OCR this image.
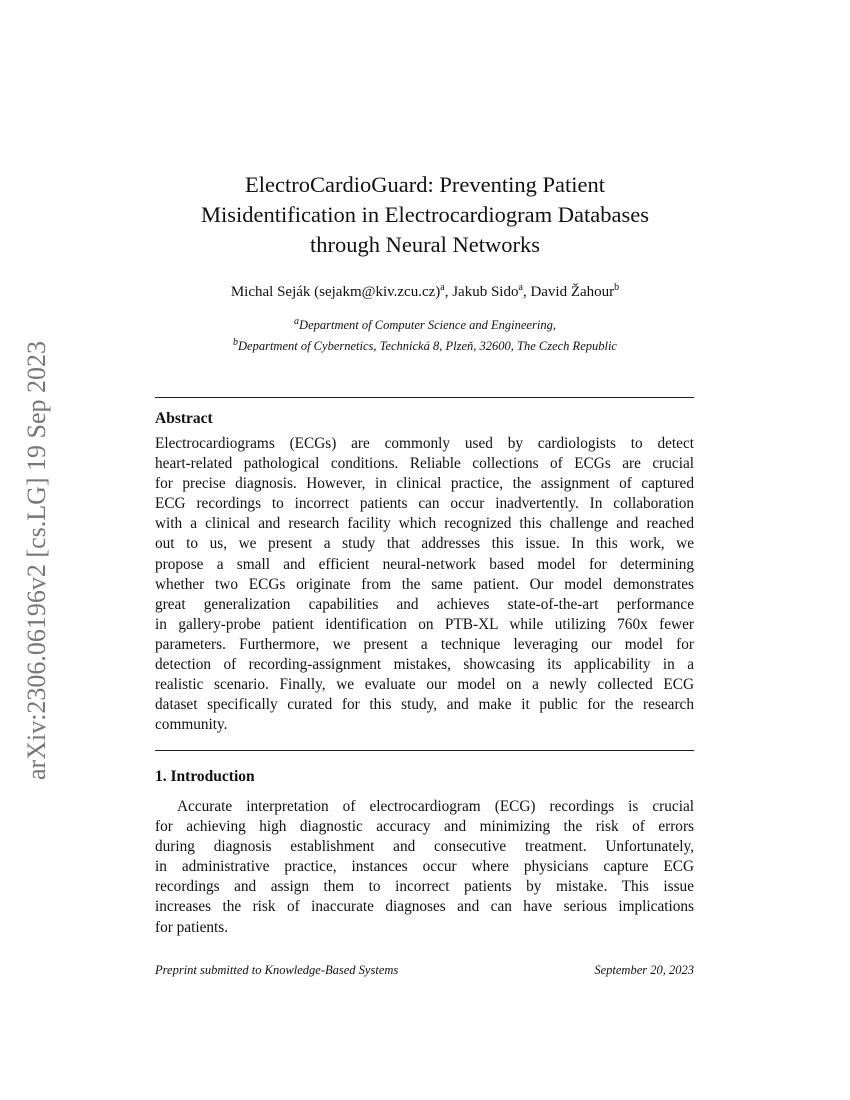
arXiv:2306.06196v2 [cs.LG] 19 Sep 2023
ElectroCardioGuard: Preventing Patient
Misidentification in Electrocardiogram Databases
through Neural Networks
Michal Seják (sejakm@kiv.zcu.cz)$^a$, Jakub Sido$^a$, David Žahour$^b$
$^a$Department of Computer Science and Engineering,
$^b$Department of Cybernetics, Technická 8, Plzeň, 32600, The Czech Republic
Abstract
Electrocardiograms (ECGs) are commonly used by cardiologists to detect
heart-related pathological conditions. Reliable collections of ECGs are crucial
for precise diagnosis. However, in clinical practice, the assignment of captured
ECG recordings to incorrect patients can occur inadvertently. In collaboration
with a clinical and research facility which recognized this challenge and reached
out to us, we present a study that addresses this issue. In this work, we
propose a small and efficient neural-network based model for determining
whether two ECGs originate from the same patient. Our model demonstrates
great generalization capabilities and achieves state-of-the-art performance
in gallery-probe patient identification on PTB-XL while utilizing 760x fewer
parameters. Furthermore, we present a technique leveraging our model for
detection of recording-assignment mistakes, showcasing its applicability in a
realistic scenario. Finally, we evaluate our model on a newly collected ECG
dataset specifically curated for this study, and make it public for the research
community.
1. Introduction
Accurate interpretation of electrocardiogram (ECG) recordings is crucial
for achieving high diagnostic accuracy and minimizing the risk of errors
during diagnosis establishment and consecutive treatment. Unfortunately,
in administrative practice, instances occur where physicians capture ECG
recordings and assign them to incorrect patients by mistake. This issue
increases the risk of inaccurate diagnoses and can have serious implications
for patients.
Preprint submitted to Knowledge-Based Systems	September 20, 2023
